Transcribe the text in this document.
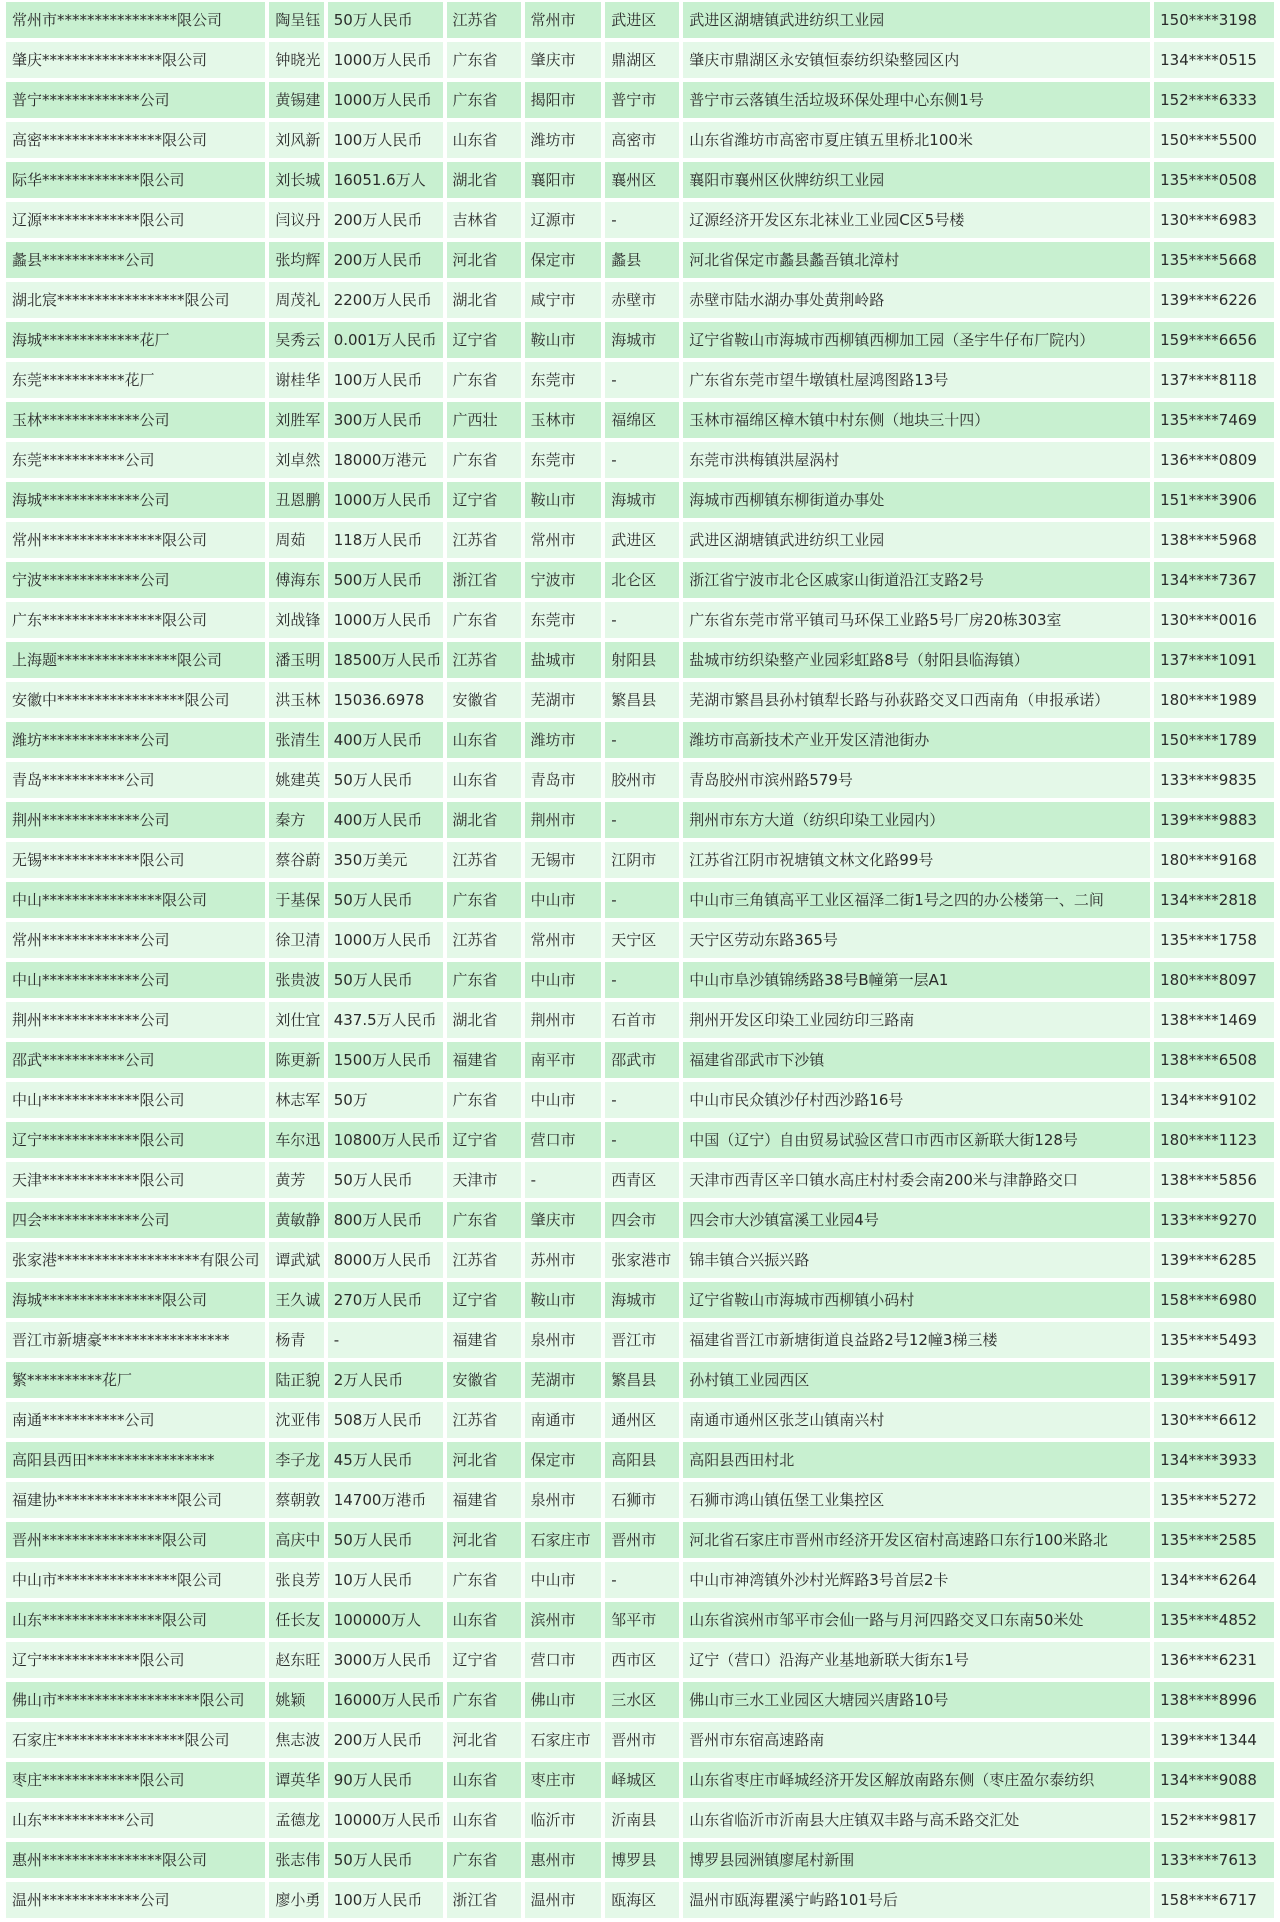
常州市****************限公司	陶呈钰	50万人民币	江苏省	常州市	武进区	武进区湖塘镇武进纺织工业园	150****3198
肇庆****************限公司	钟晓光	1000万人民币	广东省	肇庆市	鼎湖区	肇庆市鼎湖区永安镇恒泰纺织染整园区内	134****0515
普宁*************公司	黄锡建	1000万人民币	广东省	揭阳市	普宁市	普宁市云落镇生活垃圾环保处理中心东侧1号	152****6333
高密****************限公司	刘风新	100万人民币	山东省	潍坊市	高密市	山东省潍坊市高密市夏庄镇五里桥北100米	150****5500
际华*************限公司	刘长城	16051.6万人	湖北省	襄阳市	襄州区	襄阳市襄州区伙牌纺织工业园	135****0508
辽源*************限公司	闫议丹	200万人民币	吉林省	辽源市	-	辽源经济开发区东北袜业工业园C区5号楼	130****6983
蠡县***********公司	张均辉	200万人民币	河北省	保定市	蠡县	河北省保定市蠡县蠡吾镇北漳村	135****5668
湖北宸*****************限公司	周茂礼	2200万人民币	湖北省	咸宁市	赤壁市	赤壁市陆水湖办事处黄荆岭路	139****6226
海城*************花厂	吴秀云	0.001万人民币	辽宁省	鞍山市	海城市	辽宁省鞍山市海城市西柳镇西柳加工园（圣宇牛仔布厂院内）	159****6656
东莞***********花厂	谢桂华	100万人民币	广东省	东莞市	-	广东省东莞市望牛墩镇杜屋鸿图路13号	137****8118
玉林*************公司	刘胜军	300万人民币	广西壮	玉林市	福绵区	玉林市福绵区樟木镇中村东侧（地块三十四）	135****7469
东莞***********公司	刘卓然	18000万港元	广东省	东莞市	-	东莞市洪梅镇洪屋涡村	136****0809
海城*************公司	丑恩鹏	1000万人民币	辽宁省	鞍山市	海城市	海城市西柳镇东柳街道办事处	151****3906
常州****************限公司	周茹	118万人民币	江苏省	常州市	武进区	武进区湖塘镇武进纺织工业园	138****5968
宁波*************公司	傅海东	500万人民币	浙江省	宁波市	北仑区	浙江省宁波市北仑区戚家山街道沿江支路2号	134****7367
广东****************限公司	刘战锋	1000万人民币	广东省	东莞市	-	广东省东莞市常平镇司马环保工业路5号厂房20栋303室	130****0016
上海题****************限公司	潘玉明	18500万人民币	江苏省	盐城市	射阳县	盐城市纺织染整产业园彩虹路8号（射阳县临海镇）	137****1091
安徽中*****************限公司	洪玉林	15036.6978	安徽省	芜湖市	繁昌县	芜湖市繁昌县孙村镇犁长路与孙荻路交叉口西南角（申报承诺）	180****1989
潍坊*************公司	张清生	400万人民币	山东省	潍坊市	-	潍坊市高新技术产业开发区清池街办	150****1789
青岛***********公司	姚建英	50万人民币	山东省	青岛市	胶州市	青岛胶州市滨州路579号	133****9835
荆州*************公司	秦方	400万人民币	湖北省	荆州市	-	荆州市东方大道（纺织印染工业园内）	139****9883
无锡*************限公司	蔡谷蔚	350万美元	江苏省	无锡市	江阴市	江苏省江阴市祝塘镇文林文化路99号	180****9168
中山****************限公司	于基保	50万人民币	广东省	中山市	-	中山市三角镇高平工业区福泽二街1号之四的办公楼第一、二间	134****2818
常州*************公司	徐卫清	1000万人民币	江苏省	常州市	天宁区	天宁区劳动东路365号	135****1758
中山*************公司	张贵波	50万人民币	广东省	中山市	-	中山市阜沙镇锦绣路38号B幢第一层A1	180****8097
荆州*************公司	刘仕宜	437.5万人民币	湖北省	荆州市	石首市	荆州开发区印染工业园纺印三路南	138****1469
邵武***********公司	陈更新	1500万人民币	福建省	南平市	邵武市	福建省邵武市下沙镇	138****6508
中山*************限公司	林志军	50万	广东省	中山市	-	中山市民众镇沙仔村西沙路16号	134****9102
辽宁*************限公司	车尔迅	10800万人民币	辽宁省	营口市	-	中国（辽宁）自由贸易试验区营口市西市区新联大街128号	180****1123
天津*************限公司	黄芳	50万人民币	天津市	-	西青区	天津市西青区辛口镇水高庄村村委会南200米与津静路交口	138****5856
四会*************公司	黄敏静	800万人民币	广东省	肇庆市	四会市	四会市大沙镇富溪工业园4号	133****9270
张家港*******************有限公司	谭武斌	8000万人民币	江苏省	苏州市	张家港市	锦丰镇合兴振兴路	139****6285
海城****************限公司	王久诚	270万人民币	辽宁省	鞍山市	海城市	辽宁省鞍山市海城市西柳镇小码村	158****6980
晋江市新塘豪*****************	杨青	-	福建省	泉州市	晋江市	福建省晋江市新塘街道良益路2号12幢3梯三楼	135****5493
繁**********花厂	陆正貌	2万人民币	安徽省	芜湖市	繁昌县	孙村镇工业园西区	139****5917
南通***********公司	沈亚伟	508万人民币	江苏省	南通市	通州区	南通市通州区张芝山镇南兴村	130****6612
高阳县西田*****************	李子龙	45万人民币	河北省	保定市	高阳县	高阳县西田村北	134****3933
福建协****************限公司	蔡朝敦	14700万港币	福建省	泉州市	石狮市	石狮市鸿山镇伍堡工业集控区	135****5272
晋州****************限公司	高庆中	50万人民币	河北省	石家庄市	晋州市	河北省石家庄市晋州市经济开发区宿村高速路口东行100米路北	135****2585
中山市****************限公司	张良芳	10万人民币	广东省	中山市	-	中山市神湾镇外沙村光辉路3号首层2卡	134****6264
山东****************限公司	任长友	100000万人	山东省	滨州市	邹平市	山东省滨州市邹平市会仙一路与月河四路交叉口东南50米处	135****4852
辽宁*************限公司	赵东旺	3000万人民币	辽宁省	营口市	西市区	辽宁（营口）沿海产业基地新联大街东1号	136****6231
佛山市*******************限公司	姚颖	16000万人民币	广东省	佛山市	三水区	佛山市三水工业园区大塘园兴唐路10号	138****8996
石家庄*****************限公司	焦志波	200万人民币	河北省	石家庄市	晋州市	晋州市东宿高速路南	139****1344
枣庄*************限公司	谭英华	90万人民币	山东省	枣庄市	峄城区	山东省枣庄市峄城经济开发区解放南路东侧（枣庄盈尔泰纺织	134****9088
山东***********公司	孟德龙	10000万人民币	山东省	临沂市	沂南县	山东省临沂市沂南县大庄镇双丰路与高禾路交汇处	152****9817
惠州****************限公司	张志伟	50万人民币	广东省	惠州市	博罗县	博罗县园洲镇廖尾村新围	133****7613
温州*************公司	廖小勇	100万人民币	浙江省	温州市	瓯海区	温州市瓯海瞿溪宁屿路101号后	158****6717
